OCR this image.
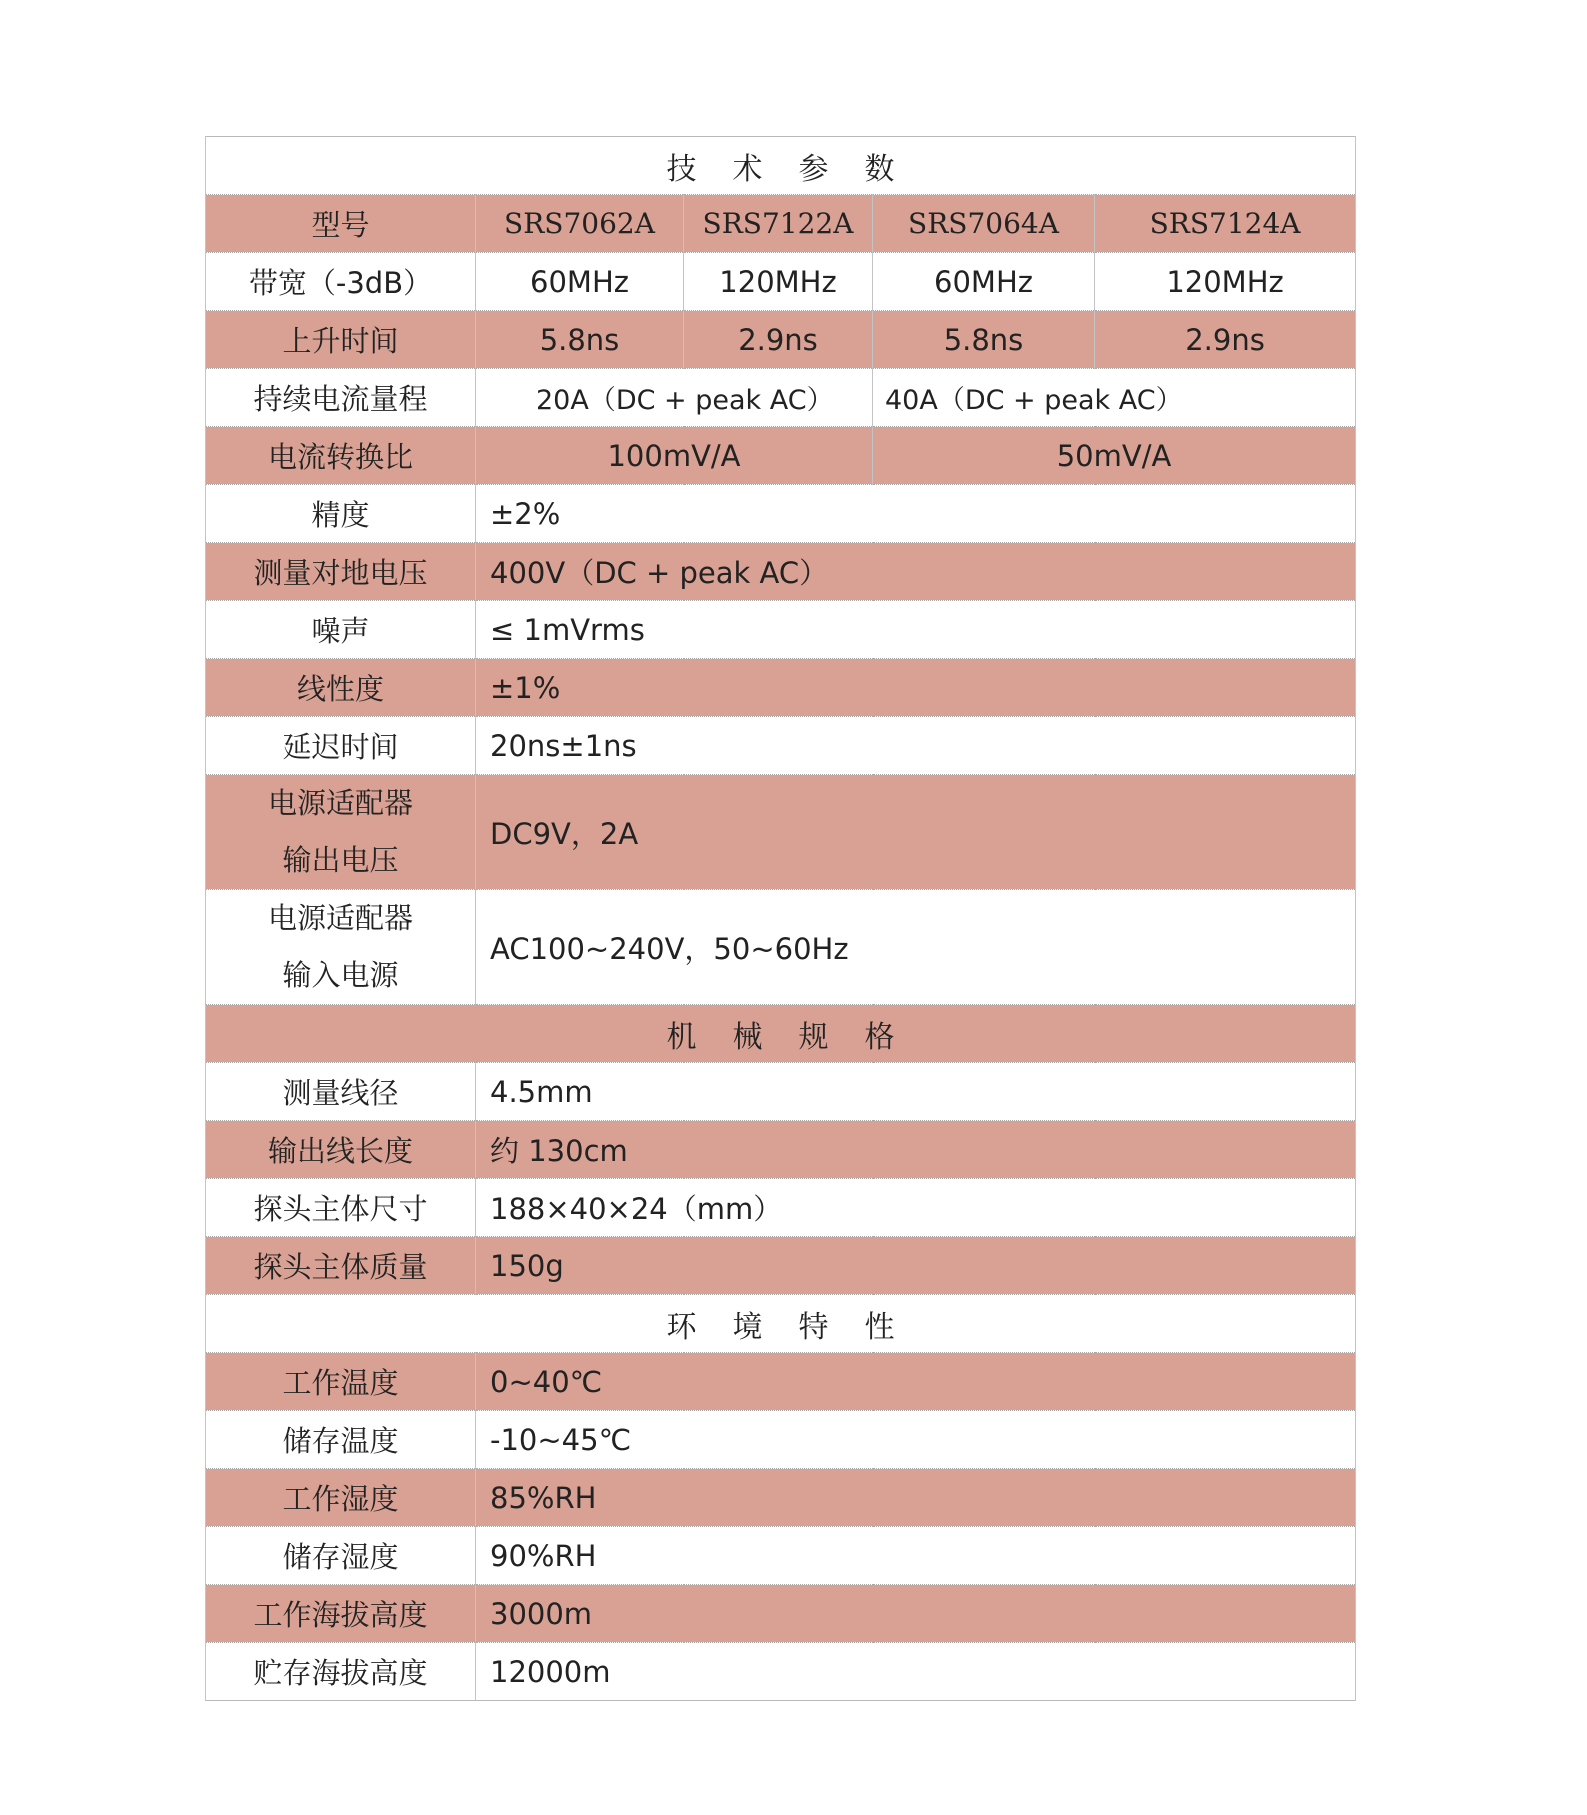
技术参数				
型号	SRS7062A	SRS7122A	SRS7064A	SRS7124A
带宽（-3dB）	60MHz	120MHz	60MHz	120MHz
上升时间	5.8ns	2.9ns	5.8ns	2.9ns
持续电流量程	20A（DC + peak AC）		40A（DC + peak AC）	
电流转换比	100mV/A		50mV/A	
精度	±2%			
测量对地电压	400V（DC + peak AC）			
噪声	≤ 1mVrms			
线性度	±1%			
延迟时间	20ns±1ns			

电源适配器
输出电压	DC9V，2A			

电源适配器
输入电源	AC100~240V，50~60Hz			
机械规格				
测量线径	4.5mm			
输出线长度	约 130cm			
探头主体尺寸	188×40×24（mm）			
探头主体质量	150g			
环境特性				
工作温度	0~40℃			
储存温度	-10~45℃			
工作湿度	85%RH			
储存湿度	90%RH			
工作海拔高度	3000m			
贮存海拔高度	12000m			
